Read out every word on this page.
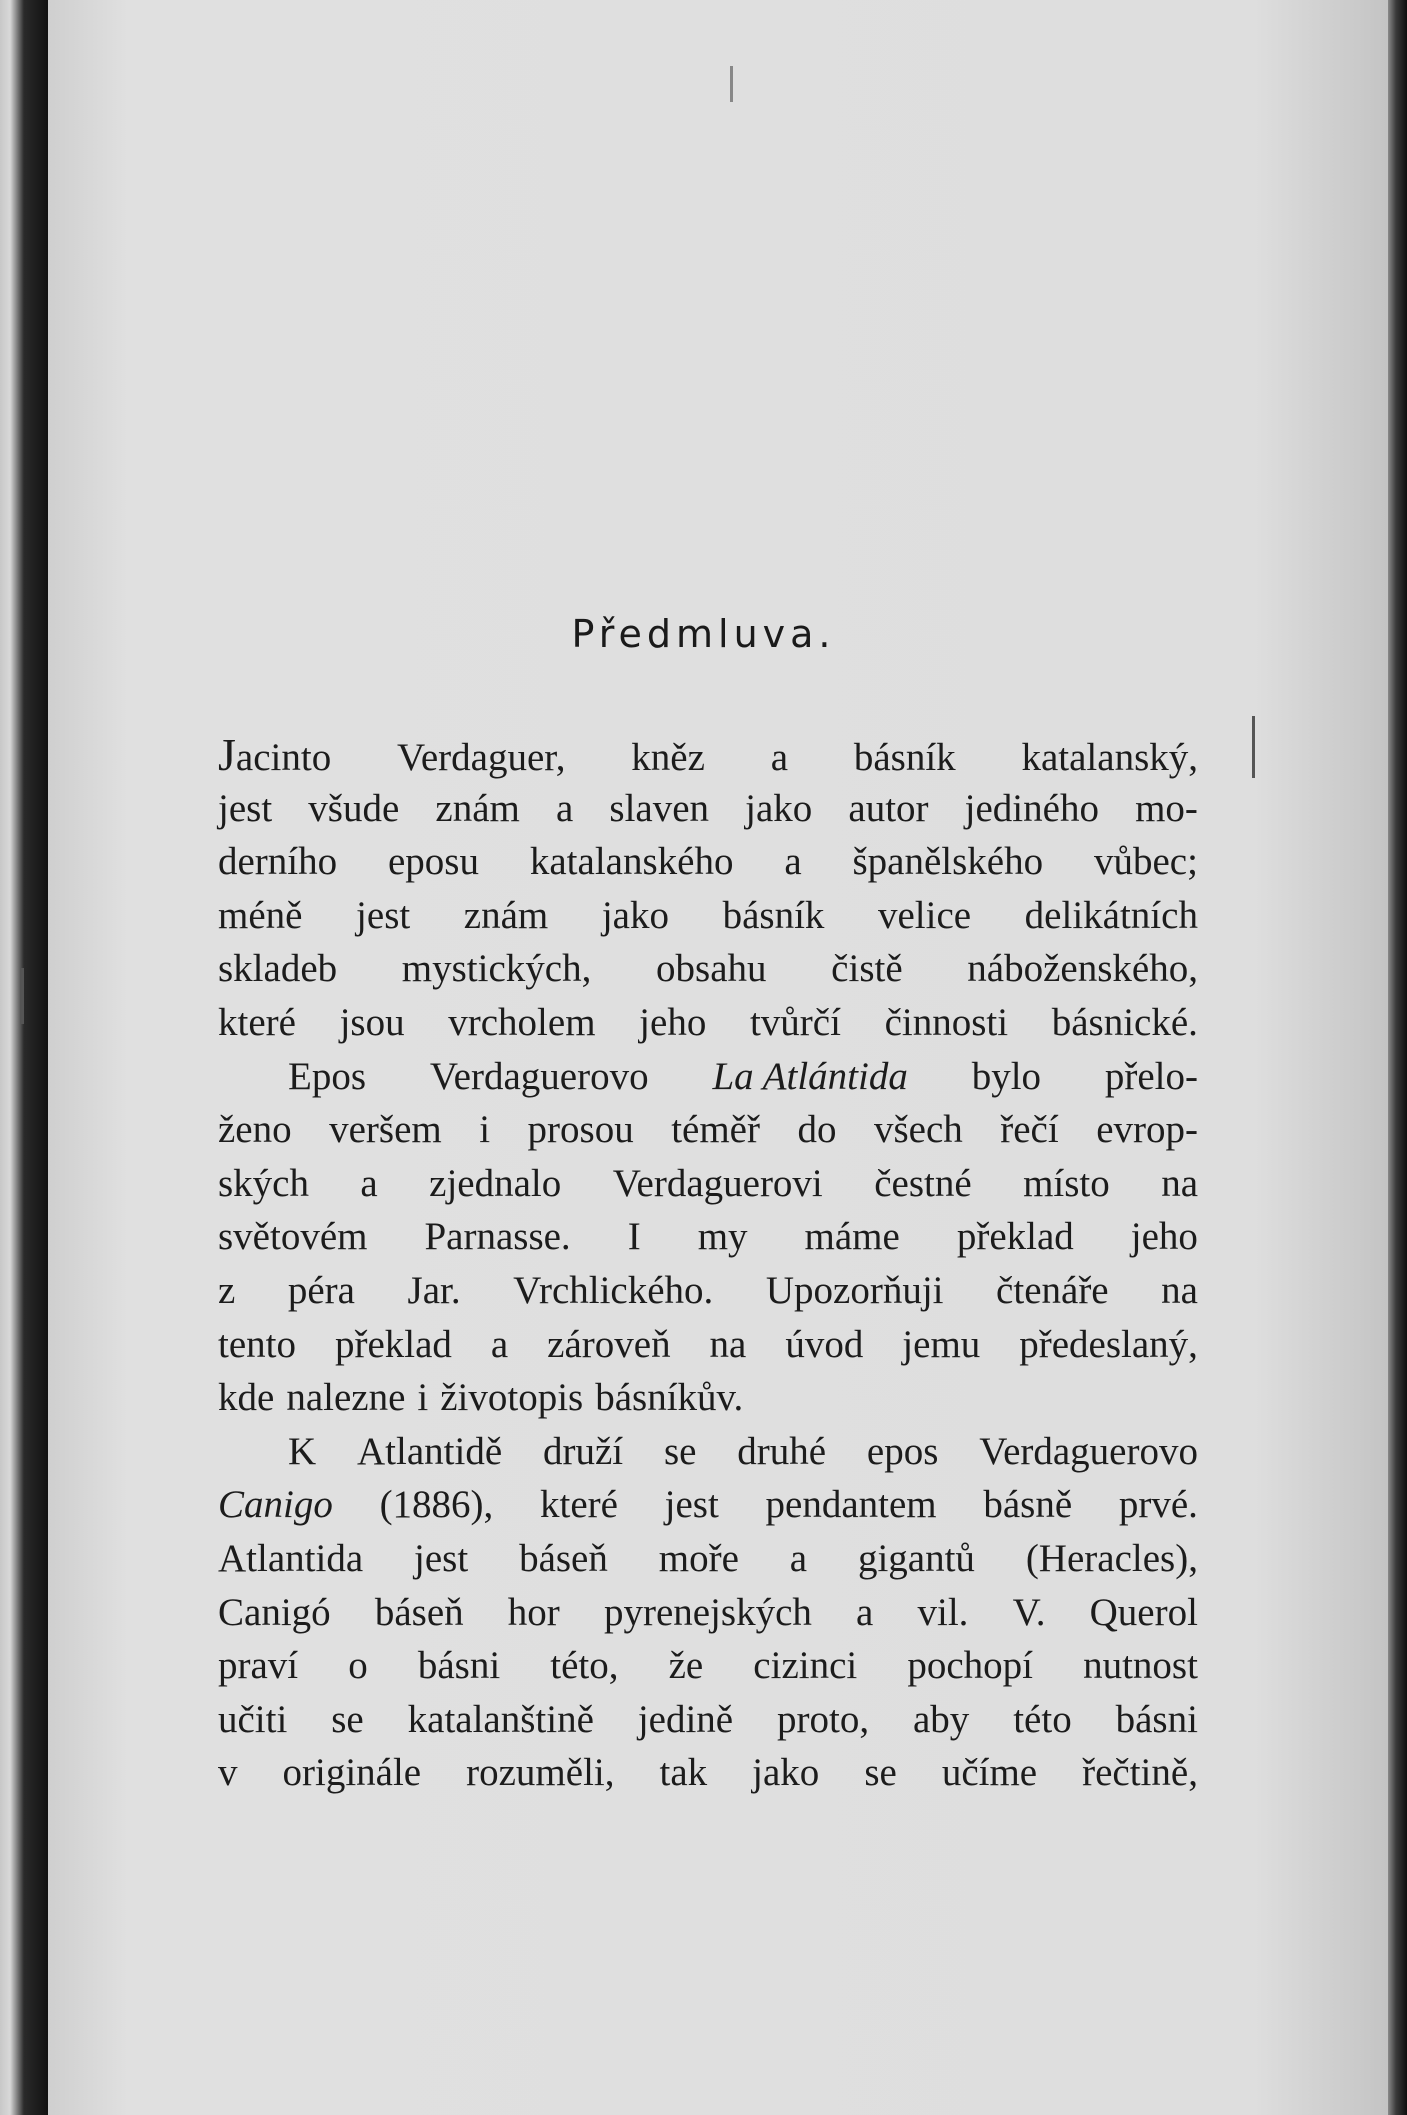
Předmluva.
Jacinto Verdaguer, kněz a básník katalanský,
jest všude znám a slaven jako autor jediného mo-
derního eposu katalanského a španělského vůbec;
méně jest znám jako básník velice delikátních
skladeb mystických, obsahu čistě náboženského,
které jsou vrcholem jeho tvůrčí činnosti básnické.
Epos Verdaguerovo La Atlántida bylo přelo-
ženo veršem i prosou téměř do všech řečí evrop-
ských a zjednalo Verdaguerovi čestné místo na
světovém Parnasse. I my máme překlad jeho
z péra Jar. Vrchlického. Upozorňuji čtenáře na
tento překlad a zároveň na úvod jemu předeslaný,
kde nalezne i životopis básníkův.
K Atlantidě druží se druhé epos Verdaguerovo
Canigo (1886), které jest pendantem básně prvé.
Atlantida jest báseň moře a gigantů (Heracles),
Canigó báseň hor pyrenejských a vil. V. Querol
praví o básni této, že cizinci pochopí nutnost
učiti se katalanštině jedině proto, aby této básni
v originále rozuměli, tak jako se učíme řečtině,
